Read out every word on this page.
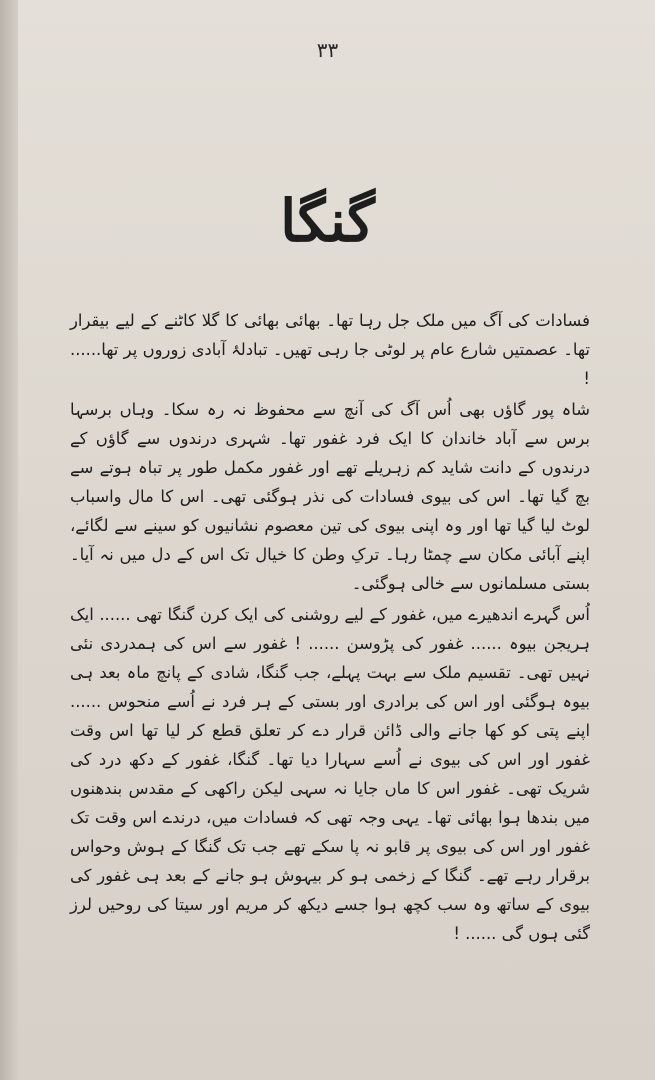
۳۳
گنگا

فسادات کی آگ میں ملک جل رہا تھا۔ بھائی بھائی کا گلا کاٹنے کے لیے بیقرار تھا۔ عصمتیں شارع عام پر لوٹی جا رہی تھیں۔ تبادلۂ آبادی زوروں پر تھا...... !

شاہ پور گاؤں بھی اُس آگ کی آنچ سے محفوظ نہ رہ سکا۔ وہاں برسہا برس سے آباد خاندان کا ایک فرد غفور تھا۔ شہری درندوں سے گاؤں کے درندوں کے دانت شاید کم زہریلے تھے اور غفور مکمل طور پر تباہ ہوتے سے بچ گیا تھا۔ اس کی بیوی فسادات کی نذر ہوگئی تھی۔ اس کا مال واسباب لوٹ لیا گیا تھا اور وہ اپنی بیوی کی تین معصوم نشانیوں کو سینے سے لگائے، اپنے آبائی مکان سے چمٹا رہا۔ ترکِ وطن کا خیال تک اس کے دل میں نہ آیا۔ بستی مسلمانوں سے خالی ہوگئی۔

اُس گہرے اندھیرے میں، غفور کے لیے روشنی کی ایک کرن گنگا تھی ...... ایک ہریجن بیوہ ...... غفور کی پڑوسن ...... ! غفور سے اس کی ہمدردی نئی نہیں تھی۔ تقسیم ملک سے بہت پہلے، جب گنگا، شادی کے پانچ ماہ بعد ہی بیوہ ہوگئی اور اس کی برادری اور بستی کے ہر فرد نے اُسے منحوس ...... اپنے پتی کو کھا جانے والی ڈائن قرار دے کر تعلق قطع کر لیا تھا اس وقت غفور اور اس کی بیوی نے اُسے سہارا دیا تھا۔ گنگا، غفور کے دکھ درد کی شریک تھی۔ غفور اس کا ماں جایا نہ سہی لیکن راکھی کے مقدس بندھنوں میں بندھا ہوا بھائی تھا۔ یہی وجہ تھی کہ فسادات میں، درندے اس وقت تک غفور اور اس کی بیوی پر قابو نہ پا سکے تھے جب تک گنگا کے ہوش وحواس برقرار رہے تھے۔ گنگا کے زخمی ہو کر بیہوش ہو جانے کے بعد ہی غفور کی بیوی کے ساتھ وہ سب کچھ ہوا جسے دیکھ کر مریم اور سیتا کی روحیں لرز گئی ہوں گی ...... !
